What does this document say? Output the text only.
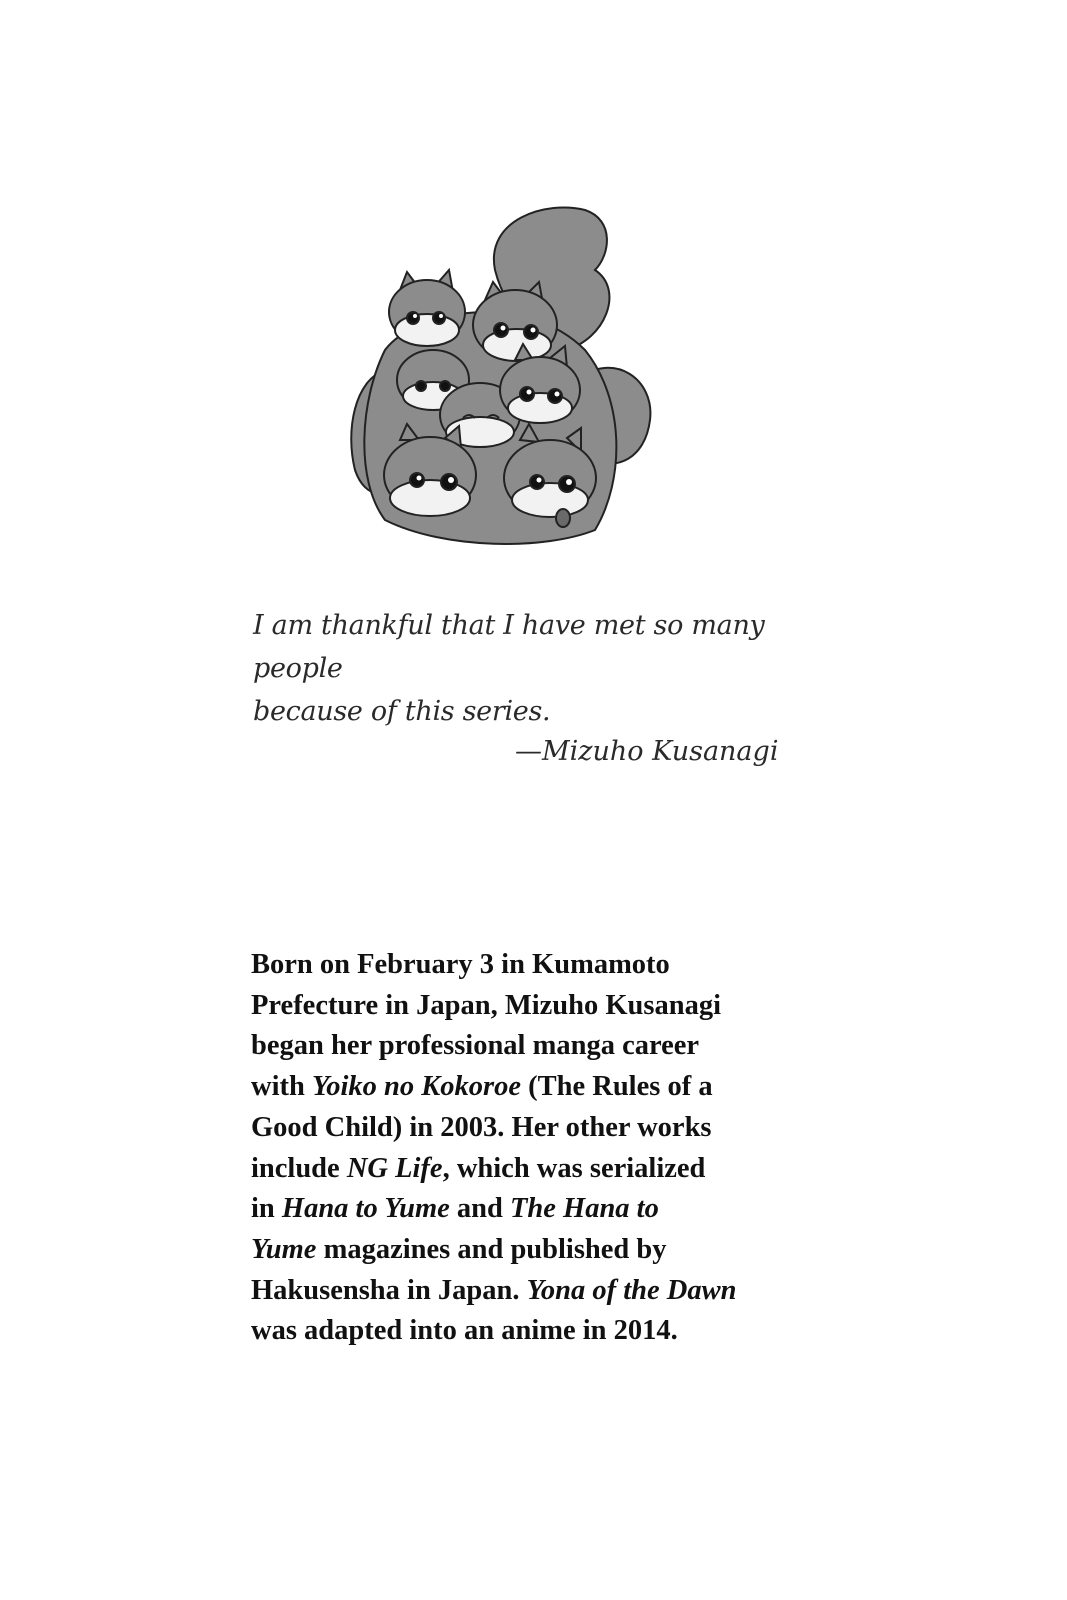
I am thankful that I have met so many people

because of this series.

—Mizuho Kusanagi
Born on February 3 in Kumamoto
Prefecture in Japan, Mizuho Kusanagi
began her professional manga career
with Yoiko no Kokoroe (The Rules of a
Good Child) in 2003. Her other works
include NG Life, which was serialized
in Hana to Yume and The Hana to
Yume magazines and published by
Hakusensha in Japan. Yona of the Dawn
was adapted into an anime in 2014.
